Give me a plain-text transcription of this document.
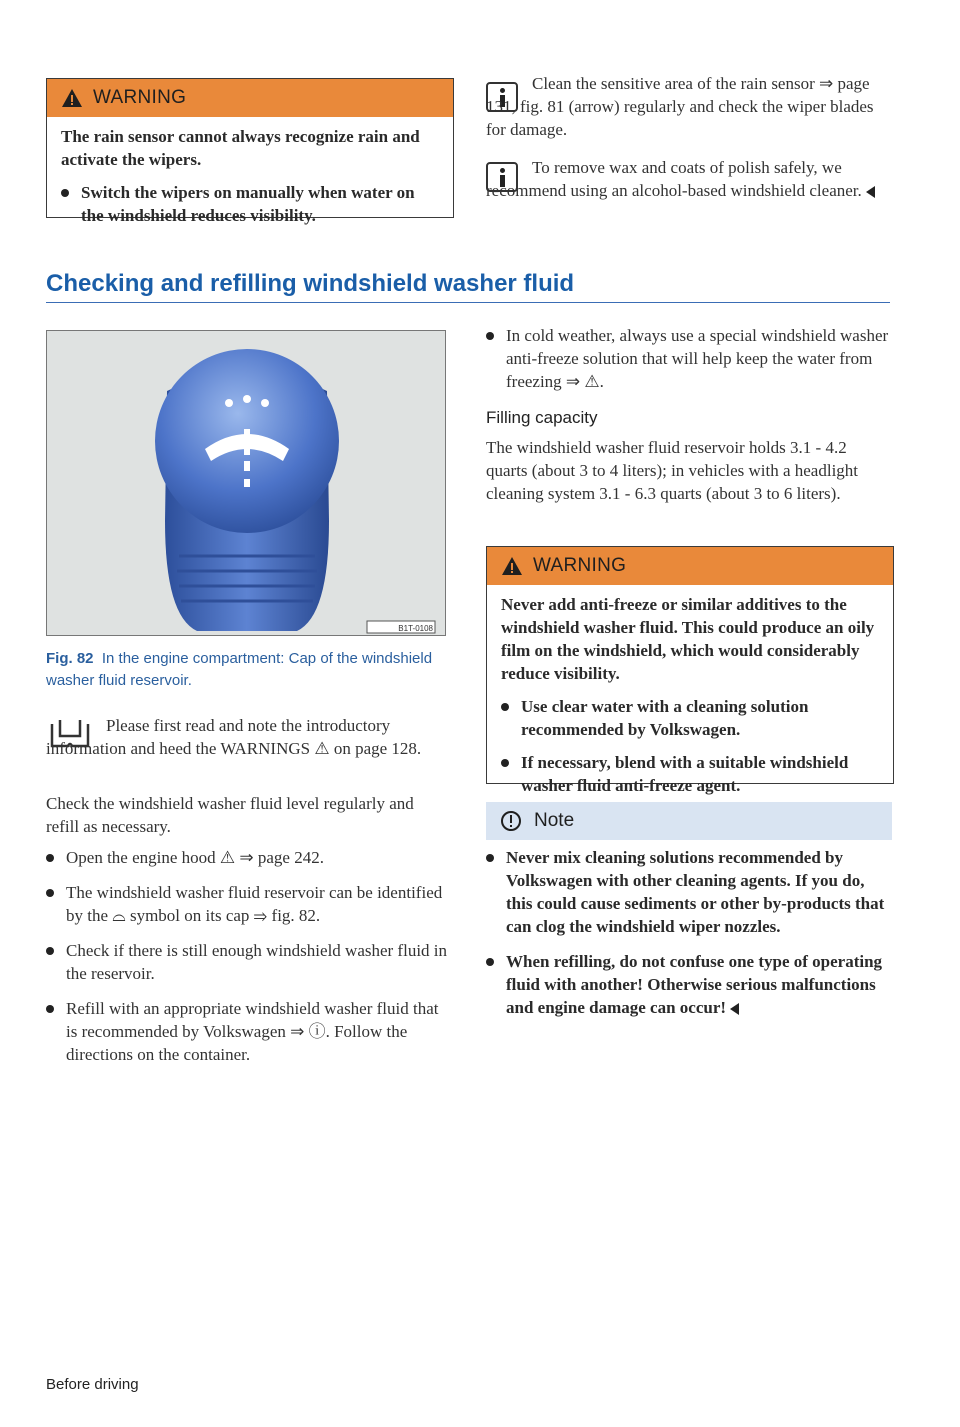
WARNING

The rain sensor cannot always recognize rain and activate the wipers.

Switch the wipers on manually when water on the windshield reduces visibility.

Clean the sensitive area of the rain sensor ⇒ page 131, fig. 81 (arrow) regularly and check the wiper blades for damage.

To remove wax and coats of polish safely, we recommend using an alcohol-based windshield cleaner.

Checking and refilling windshield washer fluid
B1T-0108
Fig. 82 In the engine compartment: Cap of the windshield washer fluid reservoir.

Please first read and note the introductory information and heed the WARNINGS ⚠ on page 128.

Check the windshield washer fluid level regularly and refill as necessary.

Open the engine hood ⚠ ⇒ page 242.
The windshield washer fluid reservoir can be identified by the ⌓ symbol on its cap ⇒ fig. 82.
Check if there is still enough windshield washer fluid in the reservoir.
Refill with an appropriate windshield washer fluid that is recommended by Volkswagen ⇒ ⓘ. Follow the directions on the container.
In cold weather, always use a special windshield washer anti-freeze solution that will help keep the water from freezing ⇒ ⚠.
Filling capacity

The windshield washer fluid reservoir holds 3.1 - 4.2 quarts (about 3 to 4 liters); in vehicles with a headlight cleaning system 3.1 - 6.3 quarts (about 3 to 6 liters).

WARNING

Never add anti-freeze or similar additives to the windshield washer fluid. This could produce an oily film on the windshield, which would considerably reduce visibility.

Use clear water with a cleaning solution recommended by Volkswagen.
If necessary, blend with a suitable windshield washer fluid anti-freeze agent.
Note
Never mix cleaning solutions recommended by Volkswagen with other cleaning agents. If you do, this could cause sediments or other by-products that can clog the windshield wiper nozzles.
When refilling, do not confuse one type of operating fluid with another! Otherwise serious malfunctions and engine damage can occur!
Before driving
